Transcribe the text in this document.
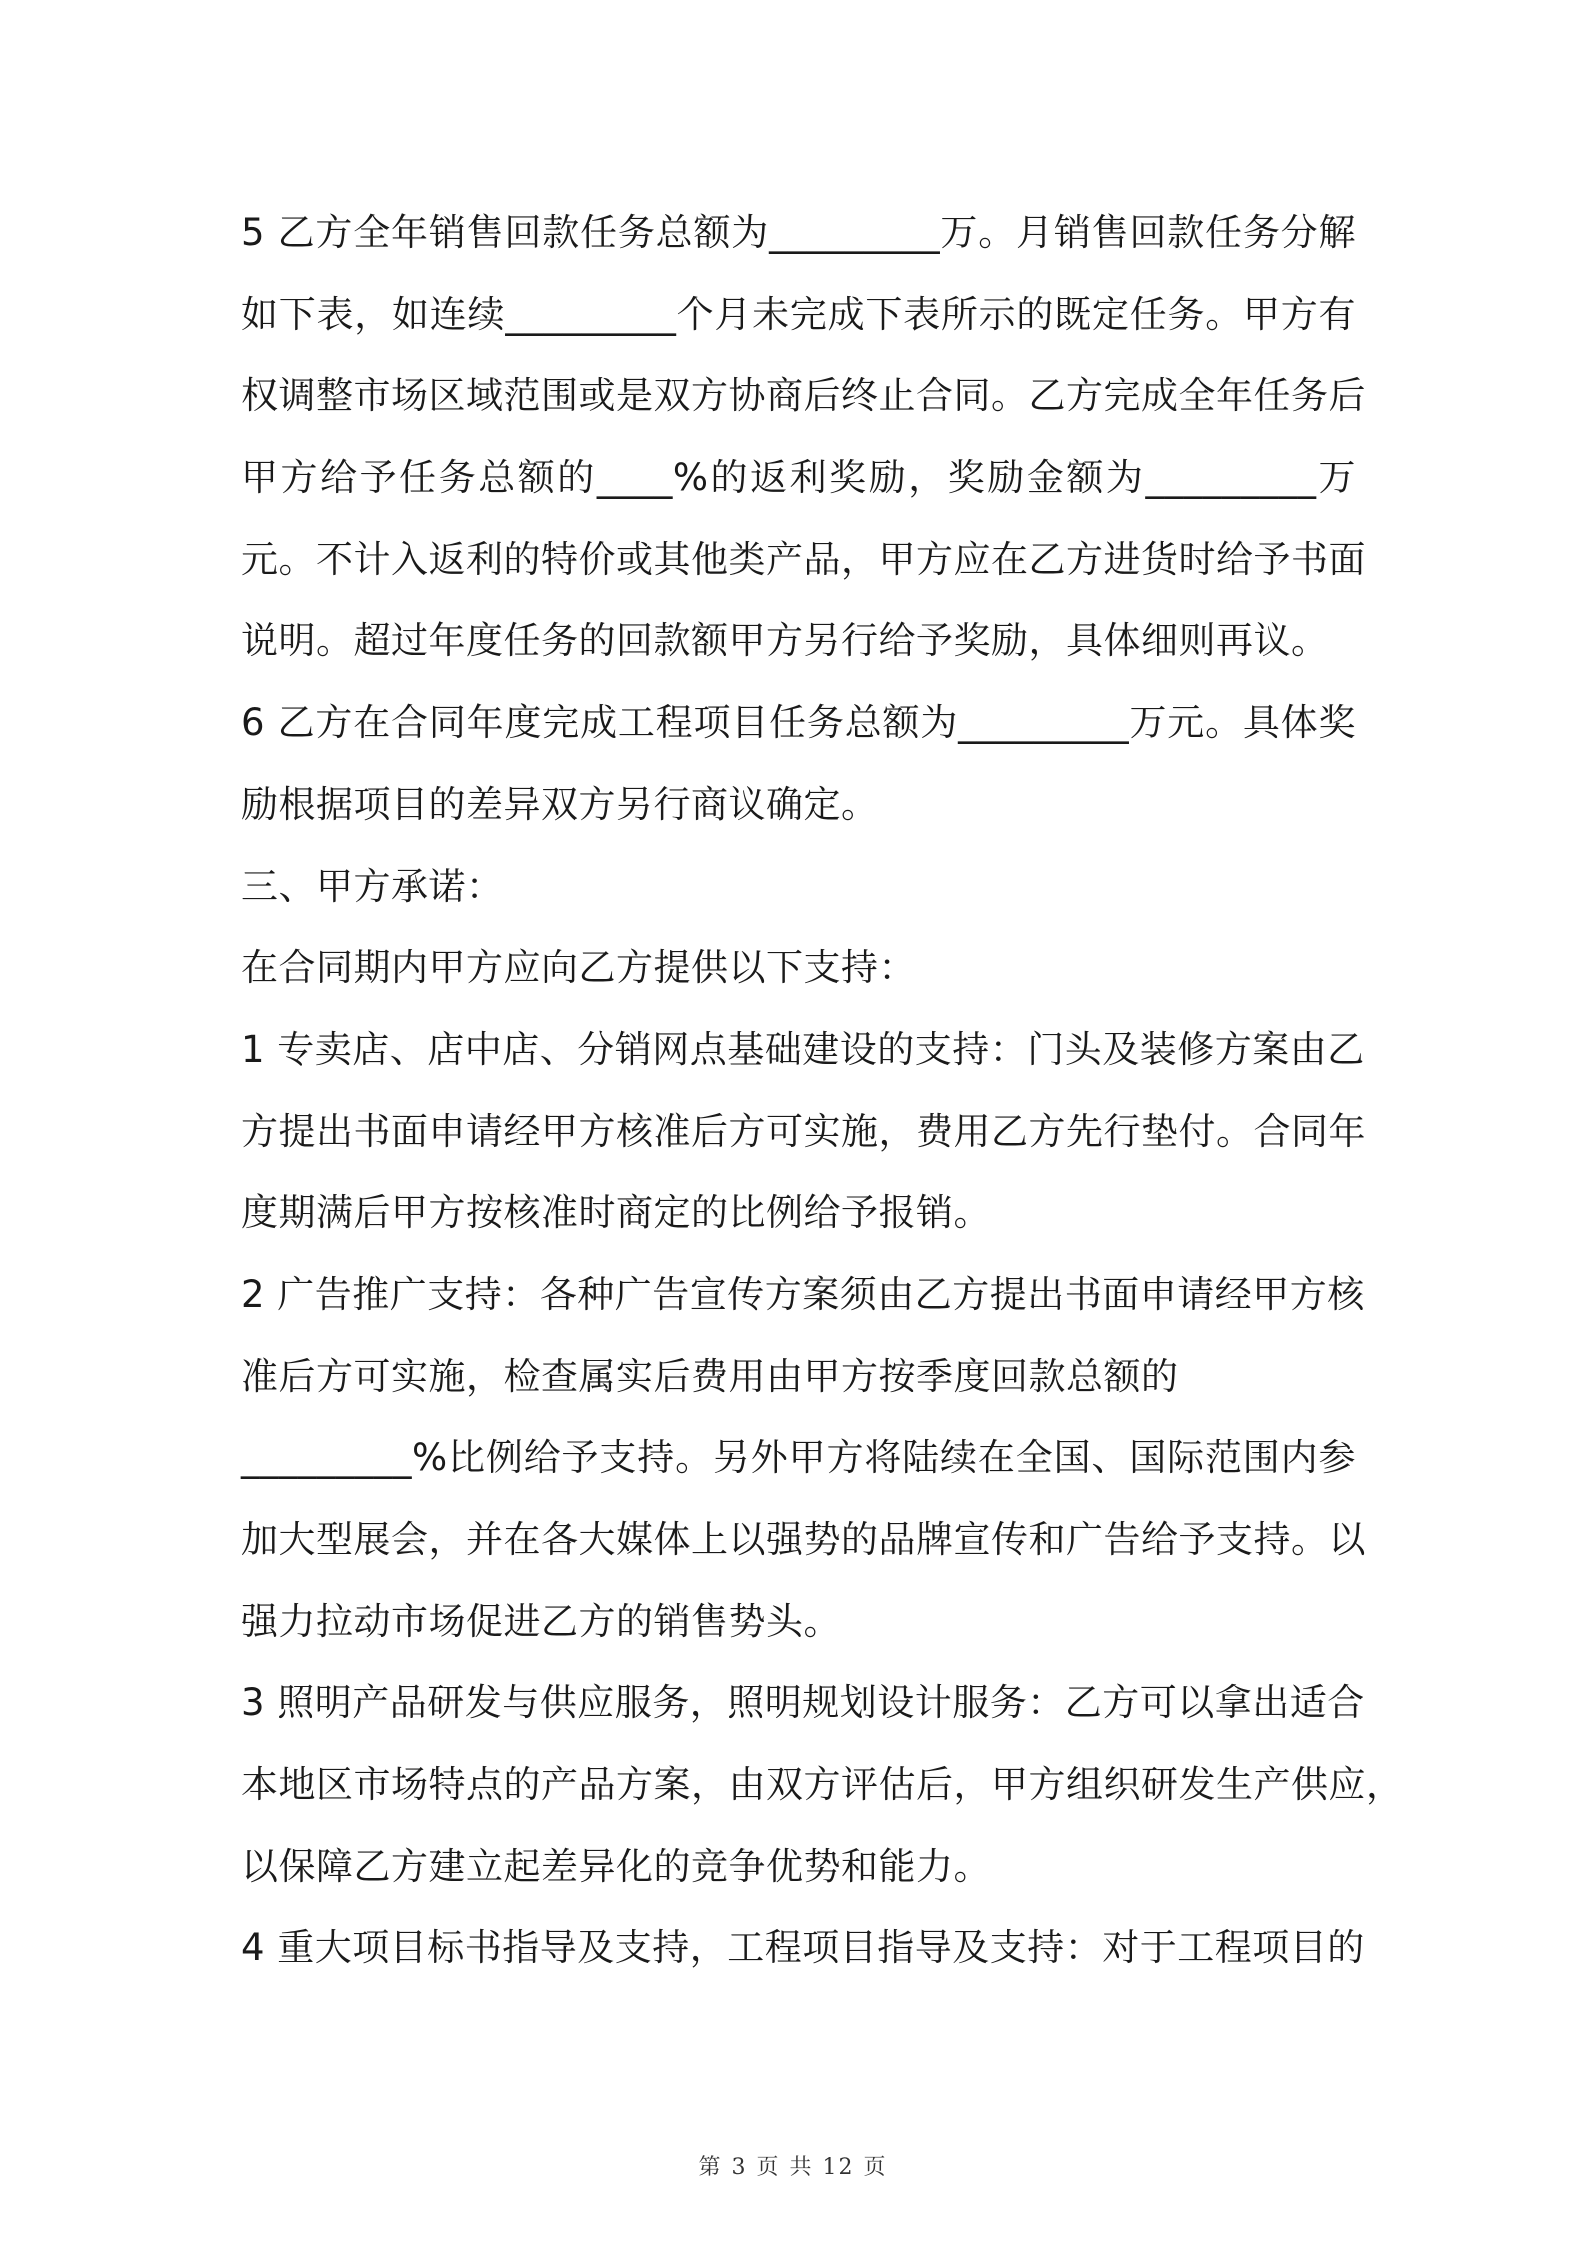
5 乙方全年销售回款任务总额为_________万。月销售回款任务分解
如下表，如连续_________个月未完成下表所示的既定任务。甲方有
权调整市场区域范围或是双方协商后终止合同。乙方完成全年任务后
甲方给予任务总额的____%的返利奖励，奖励金额为_________万
元。不计入返利的特价或其他类产品，甲方应在乙方进货时给予书面
说明。超过年度任务的回款额甲方另行给予奖励，具体细则再议。
6 乙方在合同年度完成工程项目任务总额为_________万元。具体奖
励根据项目的差异双方另行商议确定。
三、甲方承诺：
在合同期内甲方应向乙方提供以下支持：
1 专卖店、店中店、分销网点基础建设的支持：门头及装修方案由乙
方提出书面申请经甲方核准后方可实施，费用乙方先行垫付。合同年
度期满后甲方按核准时商定的比例给予报销。
2 广告推广支持：各种广告宣传方案须由乙方提出书面申请经甲方核
准后方可实施，检查属实后费用由甲方按季度回款总额的
_________%比例给予支持。另外甲方将陆续在全国、国际范围内参
加大型展会，并在各大媒体上以强势的品牌宣传和广告给予支持。以
强力拉动市场促进乙方的销售势头。
3 照明产品研发与供应服务，照明规划设计服务：乙方可以拿出适合
本地区市场特点的产品方案，由双方评估后，甲方组织研发生产供应，
以保障乙方建立起差异化的竞争优势和能力。
4 重大项目标书指导及支持，工程项目指导及支持：对于工程项目的
第 3 页 共 12 页
